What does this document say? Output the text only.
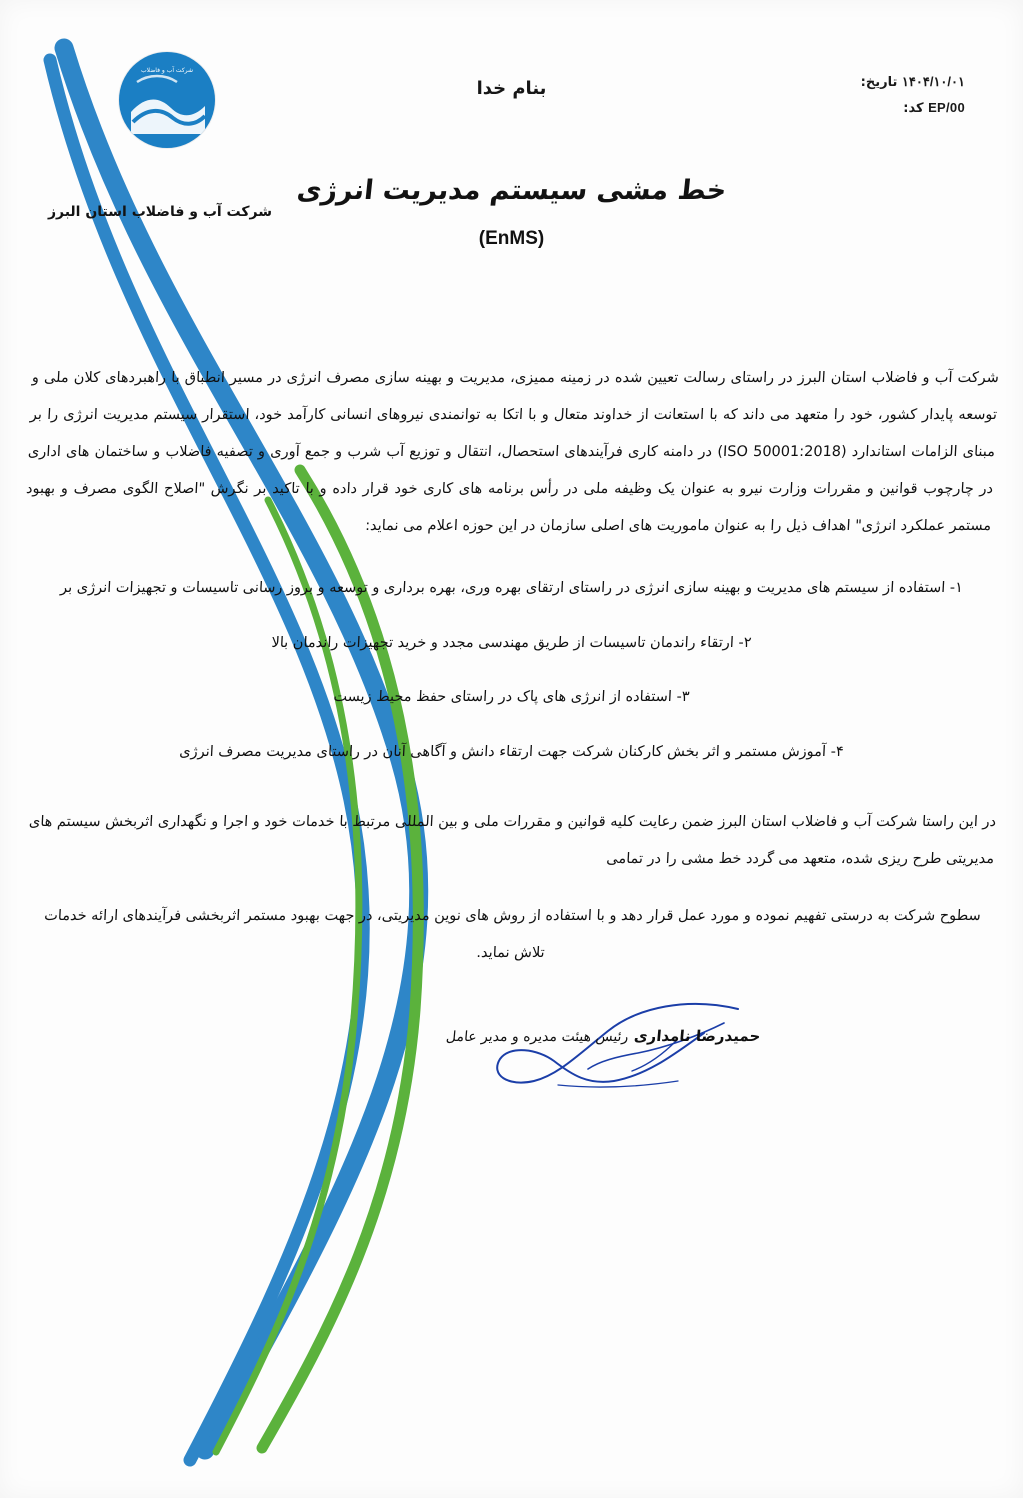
۱۴۰۴/۱۰/۰۱ تاریخ:
EP/00 کد:
بنام خدا
شرکت آب و فاضلاب
شرکت آب و فاضلاب استان البرز
خط مشی سیستم مدیریت انرژی
(EnMS)

شرکت آب و فاضلاب استان البرز در راستای رسالت تعیین شده در زمینه ممیزی، مدیریت و بهینه سازی مصرف انرژی در مسیر انطباق با راهبردهای کلان ملی و توسعه پایدار کشور، خود را متعهد می داند که با استعانت از خداوند متعال و با اتکا به توانمندی نیروهای انسانی کارآمد خود، استقرار سیستم مدیریت انرژی را بر مبنای الزامات استاندارد (ISO 50001:2018) در دامنه کاری فرآیندهای استحصال، انتقال و توزیع آب شرب و جمع آوری و تصفیه فاضلاب و ساختمان های اداری در چارچوب قوانین و مقررات وزارت نیرو به عنوان یک وظیفه ملی در رأس برنامه های کاری خود قرار داده و با تاکید بر نگرش "اصلاح الگوی مصرف و بهبود مستمر عملکرد انرژی" اهداف ذیل را به عنوان ماموریت های اصلی سازمان در این حوزه اعلام می نماید:

۱- استفاده از سیستم های مدیریت و بهینه سازی انرژی در راستای ارتقای بهره وری، بهره برداری و توسعه و بروز رسانی تاسیسات و تجهیزات انرژی بر
۲- ارتقاء راندمان تاسیسات از طریق مهندسی مجدد و خرید تجهیزات راندمان بالا
۳- استفاده از انرژی های پاک در راستای حفظ محیط زیست
۴- آموزش مستمر و اثر بخش کارکنان شرکت جهت ارتقاء دانش و آگاهی آنان در راستای مدیریت مصرف انرژی

در این راستا شرکت آب و فاضلاب استان البرز ضمن رعایت کلیه قوانین و مقررات ملی و بین المللی مرتبط با خدمات خود و اجرا و نگهداری اثربخش سیستم های مدیریتی طرح ریزی شده، متعهد می گردد خط مشی را در تمامی

سطوح شرکت به درستی تفهیم نموده و مورد عمل قرار دهد و با استفاده از روش های نوین مدیریتی، در جهت بهبود مستمر اثربخشی فرآیندهای ارائه خدمات تلاش نماید.

حمیدرضا نامداری رئیس هیئت مدیره و مدیر عامل
